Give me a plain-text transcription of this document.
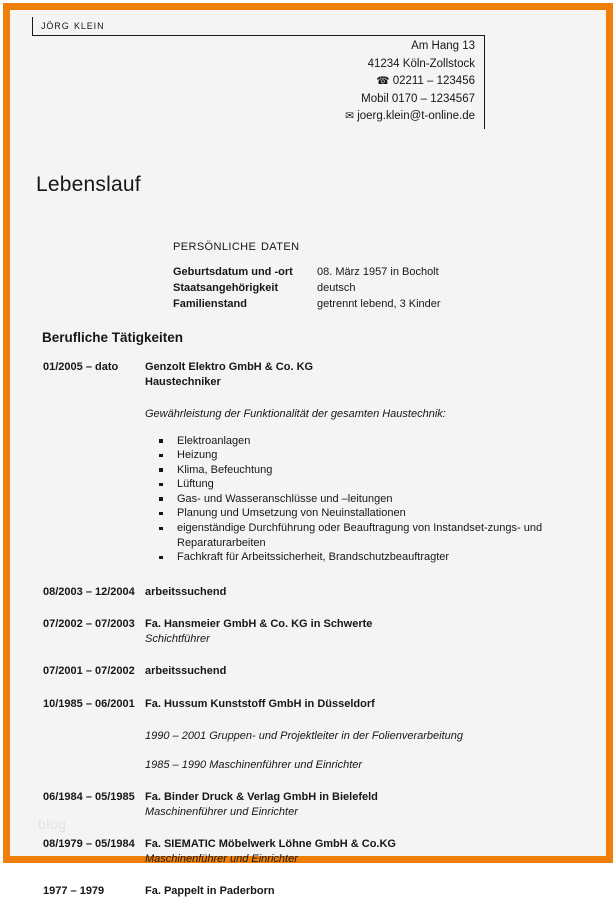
jörg klein
Am Hang 13
41234 Köln-Zollstock
☎ 02211 – 123456
Mobil 0170 – 1234567
✉ joerg.klein@t-online.de
Lebenslauf
persönliche daten
Geburtsdatum und -ort	08. März 1957 in Bocholt
Staatsangehörigkeit	deutsch
Familienstand	getrennt lebend, 3 Kinder
Berufliche Tätigkeiten
01/2005 – dato	Genzolt Elektro GmbH & Co. KG
Haustechniker
Gewährleistung der Funktionalität der gesamten Haustechnik:
Elektroanlagen
Heizung
Klima, Befeuchtung
Lüftung
Gas- und Wasseranschlüsse und –leitungen
Planung und Umsetzung von Neuinstallationen
eigenständige Durchführung oder Beauftragung von Instandset-zungs- und Reparaturarbeiten
Fachkraft für Arbeitssicherheit, Brandschutzbeauftragter
08/2003 – 12/2004 arbeitssuchend
07/2002 – 07/2003 Fa. Hansmeier GmbH & Co. KG in Schwerte
Schichtführer
07/2001 – 07/2002 arbeitssuchend
10/1985 – 06/2001 Fa. Hussum Kunststoff GmbH in Düsseldorf
1990 – 2001 Gruppen- und Projektleiter in der Folienverarbeitung
1985 – 1990 Maschinenführer und Einrichter
06/1984 – 05/1985 Fa. Binder Druck & Verlag GmbH in Bielefeld
Maschinenführer und Einrichter
08/1979 – 05/1984 Fa. SIEMATIC Möbelwerk Löhne GmbH & Co.KG
Maschinenführer und Einrichter
1977 – 1979	Fa. Pappelt in Paderborn
blog
